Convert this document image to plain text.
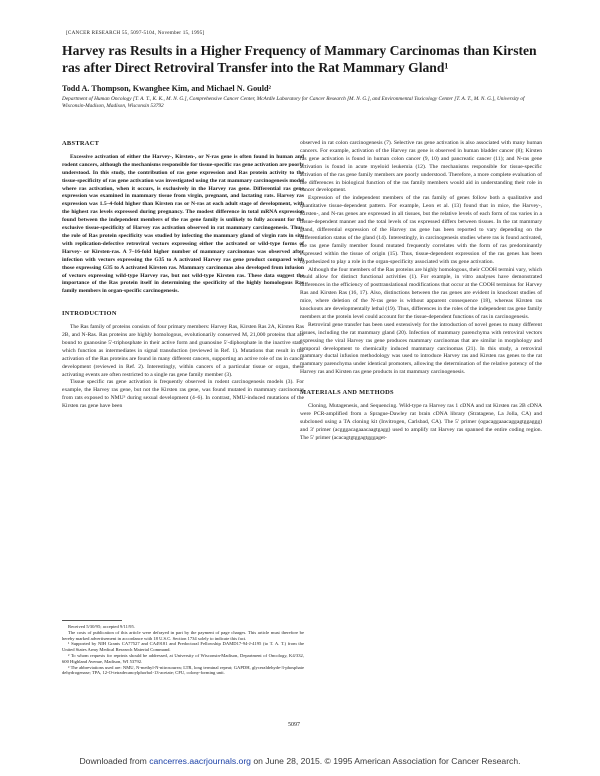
[CANCER RESEARCH 55, 5097-5104, November 15, 1995]
Harvey ras Results in a Higher Frequency of Mammary Carcinomas than Kirsten ras after Direct Retroviral Transfer into the Rat Mammary Gland¹
Todd A. Thompson, Kwanghee Kim, and Michael N. Gould²
Department of Human Oncology [T. A. T., K. K., M. N. G.], Comprehensive Cancer Center, McArdle Laboratory for Cancer Research [M. N. G.], and Environmental Toxicology Center [T. A. T., M. N. G.], University of Wisconsin-Madison, Madison, Wisconsin 53792

ABSTRACT

Excessive activation of either the Harvey-, Kirsten-, or N-ras gene is often found in human and rodent cancers, although the mechanisms responsible for tissue-specific ras gene activation are poorly understood. In this study, the contribution of ras gene expression and Ras protein activity to the tissue-specificity of ras gene activation was investigated using the rat mammary carcinogenesis model where ras activation, when it occurs, is exclusively in the Harvey ras gene. Differential ras gene expression was examined in mammary tissue from virgin, pregnant, and lactating rats. Harvey ras expression was 1.5–4-fold higher than Kirsten ras or N-ras at each adult stage of development, with the highest ras levels expressed during pregnancy. The modest difference in total mRNA expression found between the independent members of the ras gene family is unlikely to fully account for the exclusive tissue-specificity of Harvey ras activation observed in rat mammary carcinogenesis. Thus, the role of Ras protein specificity was studied by infecting the mammary gland of virgin rats in situ with replication-defective retroviral vectors expressing either the activated or wild-type forms of Harvey- or Kirsten-ras. A 7–16-fold higher number of mammary carcinomas was observed after infection with vectors expressing the G35 to A activated Harvey ras gene product compared with those expressing G35 to A activated Kirsten ras. Mammary carcinomas also developed from infusion of vectors expressing wild-type Harvey ras, but not wild-type Kirsten ras. These data suggest the importance of the Ras protein itself in determining the specificity of the highly homologous Ras family members in organ-specific carcinogenesis.

INTRODUCTION

The Ras family of proteins consists of four primary members: Harvey Ras, Kirsten Ras 2A, Kirsten Ras 2B, and N-Ras. Ras proteins are highly homologous, evolutionarily conserved Mᵣ 21,000 proteins that are bound to guanosine 5′-triphosphate in their active form and guanosine 5′-diphosphate in the inactive state, which function as intermediates in signal transduction (reviewed in Ref. 1). Mutations that result in the activation of the Ras proteins are found in many different cancers, supporting an active role of ras in cancer development (reviewed in Ref. 2). Interestingly, within cancers of a particular tissue or organ, these activating events are often restricted to a single ras gene family member (3).

Tissue specific ras gene activation is frequently observed in rodent carcinogenesis models (3). For example, the Harvey ras gene, but not the Kirsten ras gene, was found mutated in mammary carcinomas from rats exposed to NMU³ during sexual development (4–6). In contrast, NMU-induced mutations of the Kirsten ras gene have been

Received 5/30/95; accepted 9/11/95.

The costs of publication of this article were defrayed in part by the payment of page charges. This article must therefore be hereby marked advertisement in accordance with 18 U.S.C. Section 1734 solely to indicate this fact.

¹ Supported by NIH Grants CA77527 and CA49181 and Predoctoral Fellowship DAMD17-94-J-4195 (to T. A. T.) from the United States Army Medical Research Material Command.

² To whom requests for reprints should be addressed, at University of Wisconsin-Madison, Department of Oncology, K4/332, 600 Highland Avenue, Madison, WI 53792.

³ The abbreviations used are: NMU, N-methyl-N-nitrosourea; LTR, long terminal repeat; GAPDH, glyceraldehyde-3-phosphate dehydrogenase; TPA, 12-O-tetradecanoylphorbol-13-acetate; CFU, colony-forming unit.

observed in rat colon carcinogenesis (7). Selective ras gene activation is also associated with many human cancers. For example, activation of the Harvey ras gene is observed in human bladder cancer (8); Kirsten ras gene activation is found in human colon cancer (9, 10) and pancreatic cancer (11); and N-ras gene activation is found in acute myeloid leukemia (12). The mechanisms responsible for tissue-specific activation of the ras gene family members are poorly understood. Therefore, a more complete evaluation of the differences in biological function of the ras family members would aid in understanding their role in cancer development.

Expression of the independent members of the ras family of genes follow both a qualitative and quantitative tissue-dependent pattern. For example, Leon et al. (13) found that in mice, the Harvey-, Kirsten-, and N-ras genes are expressed in all tissues, but the relative levels of each form of ras varies in a tissue-dependent manner and the total levels of ras expressed differs between tissues. In the rat mammary gland, differential expression of the Harvey ras gene has been reported to vary depending on the differentiation status of the gland (14). Interestingly, in carcinogenesis studies where ras is found activated, the ras gene family member found mutated frequently correlates with the form of ras predominantly expressed within the tissue of origin (15). Thus, tissue-dependent expression of the ras genes has been hypothesized to play a role in the organ-specificity associated with ras gene activation.

Although the four members of the Ras proteins are highly homologous, their COOH termini vary, which could allow for distinct functional activities (1). For example, in vitro analyses have demonstrated differences in the efficiency of posttranslational modifications that occur at the COOH terminus for Harvey Ras and Kirsten Ras (16, 17). Also, distinctions between the ras genes are evident in knockout studies of mice, where deletion of the N-ras gene is without apparent consequence (18), whereas Kirsten ras knockouts are developmentally lethal (19). Thus, differences in the roles of the independent ras gene family members at the protein level could account for the tissue-dependent functions of ras in carcinogenesis.

Retroviral gene transfer has been used extensively for the introduction of novel genes to many different tissues, including the rat mammary gland (20). Infection of mammary parenchyma with retroviral vectors expressing the viral Harvey ras gene produces mammary carcinomas that are similar in morphology and temporal development to chemically induced mammary carcinomas (21). In this study, a retroviral mammary ductal infusion methodology was used to introduce Harvey ras and Kirsten ras genes to the rat mammary parenchyma under identical promoters, allowing the determination of the relative potency of the Harvey ras and Kirsten ras gene products in rat mammary carcinogenesis.

MATERIALS AND METHODS

Cloning, Mutagenesis, and Sequencing. Wild-type ra Harvey ras 1 cDNA and rat Kirsten ras 2B cDNA were PCR-amplified from a Sprague-Dawley rat brain cDNA library (Stratagene, La Jolla, CA) and subcloned using a TA cloning kit (Invitrogen, Carlsbad, CA). The 5′ primer (ogacaggaaacaggagtggaggg) and 3′ primer (acgggacagaaacaagtgagg) used to amplify rat Harvey ras spanned the entire coding region. The 5′ primer (acacagtgtggagtgggaget-

5097
Downloaded from cancerres.aacrjournals.org on June 28, 2015. © 1995 American Association for Cancer Research.
